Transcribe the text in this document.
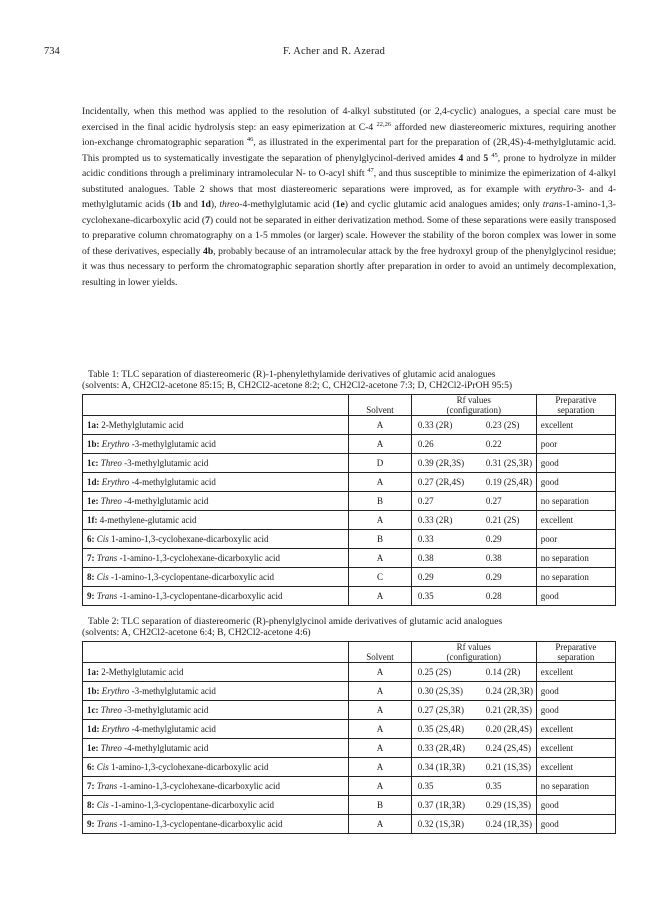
734	F. Acher and R. Azerad
Incidentally, when this method was applied to the resolution of 4-alkyl substituted (or 2,4-cyclic) analogues, a special care must be exercised in the final acidic hydrolysis step: an easy epimerization at C-4 $^{22,26}$ afforded new diastereomeric mixtures, requiring another ion-exchange chromatographic separation $^{46}$, as illustrated in the experimental part for the preparation of (2R,4S)-4-methylglutamic acid. This prompted us to systematically investigate the separation of phenylglycinol-derived amides 4 and 5 $^{45}$, prone to hydrolyze in milder acidic conditions through a preliminary intramolecular N- to O-acyl shift $^{47}$, and thus susceptible to minimize the epimerization of 4-alkyl substituted analogues. Table 2 shows that most diastereomeric separations were improved, as for example with erythro-3- and 4-methylglutamic acids (1b and 1d), threo-4-methylglutamic acid (1e) and cyclic glutamic acid analogues amides; only trans-1-amino-1,3-cyclohexane-dicarboxylic acid (7) could not be separated in either derivatization method. Some of these separations were easily transposed to preparative column chromatography on a 1-5 mmoles (or larger) scale. However the stability of the boron complex was lower in some of these derivatives, especially 4b, probably because of an intramolecular attack by the free hydroxyl group of the phenylglycinol residue; it was thus necessary to perform the chromatographic separation shortly after preparation in order to avoid an untimely decomplexation, resulting in lower yields.
Table 1: TLC separation of diastereomeric (R)-1-phenylethylamide derivatives of glutamic acid analogues
(solvents: A, CH2Cl2-acetone 85:15; B, CH2Cl2-acetone 8:2; C, CH2Cl2-acetone 7:3; D, CH2Cl2-iPrOH 95:5)
	Solvent	Rf values	Preparative
		(configuration)	separation
1a: 2-Methylglutamic acid	A	0.33 (2R) 0.23 (2S)	excellent
1b: Erythro -3-methylglutamic acid	A	0.26 0.22	poor
1c: Threo -3-methylglutamic acid	D	0.39 (2R,3S) 0.31 (2S,3R)	good
1d: Erythro -4-methylglutamic acid	A	0.27 (2R,4S) 0.19 (2S,4R)	good
1e: Threo -4-methylglutamic acid	B	0.27 0.27	no separation
1f: 4-methylene-glutamic acid	A	0.33 (2R) 0.21 (2S)	excellent
6: Cis 1-amino-1,3-cyclohexane-dicarboxylic acid	B	0.33 0.29	poor
7: Trans -1-amino-1,3-cyclohexane-dicarboxylic acid	A	0.38 0.38	no separation
8: Cis -1-amino-1,3-cyclopentane-dicarboxylic acid	C	0.29 0.29	no separation
9: Trans -1-amino-1,3-cyclopentane-dicarboxylic acid	A	0.35 0.28	good
Table 2: TLC separation of diastereomeric (R)-phenylglycinol amide derivatives of glutamic acid analogues
(solvents: A, CH2Cl2-acetone 6:4; B, CH2Cl2-acetone 4:6)
	Solvent	Rf values	Preparative
		(configuration)	separation
1a: 2-Methylglutamic acid	A	0.25 (2S) 0.14 (2R)	excellent
1b: Erythro -3-methylglutamic acid	A	0.30 (2S,3S) 0.24 (2R,3R)	good
1c: Threo -3-methylglutamic acid	A	0.27 (2S,3R) 0.21 (2R,3S)	good
1d: Erythro -4-methylglutamic acid	A	0.35 (2S,4R) 0.20 (2R,4S)	excellent
1e: Threo -4-methylglutamic acid	A	0.33 (2R,4R) 0.24 (2S,4S)	excellent
6: Cis 1-amino-1,3-cyclohexane-dicarboxylic acid	A	0.34 (1R,3R) 0.21 (1S,3S)	excellent
7: Trans -1-amino-1,3-cyclohexane-dicarboxylic acid	A	0.35 0.35	no separation
8: Cis -1-amino-1,3-cyclopentane-dicarboxylic acid	B	0.37 (1R,3R) 0.29 (1S,3S)	good
9: Trans -1-amino-1,3-cyclopentane-dicarboxylic acid	A	0.32 (1S,3R) 0.24 (1R,3S)	good
